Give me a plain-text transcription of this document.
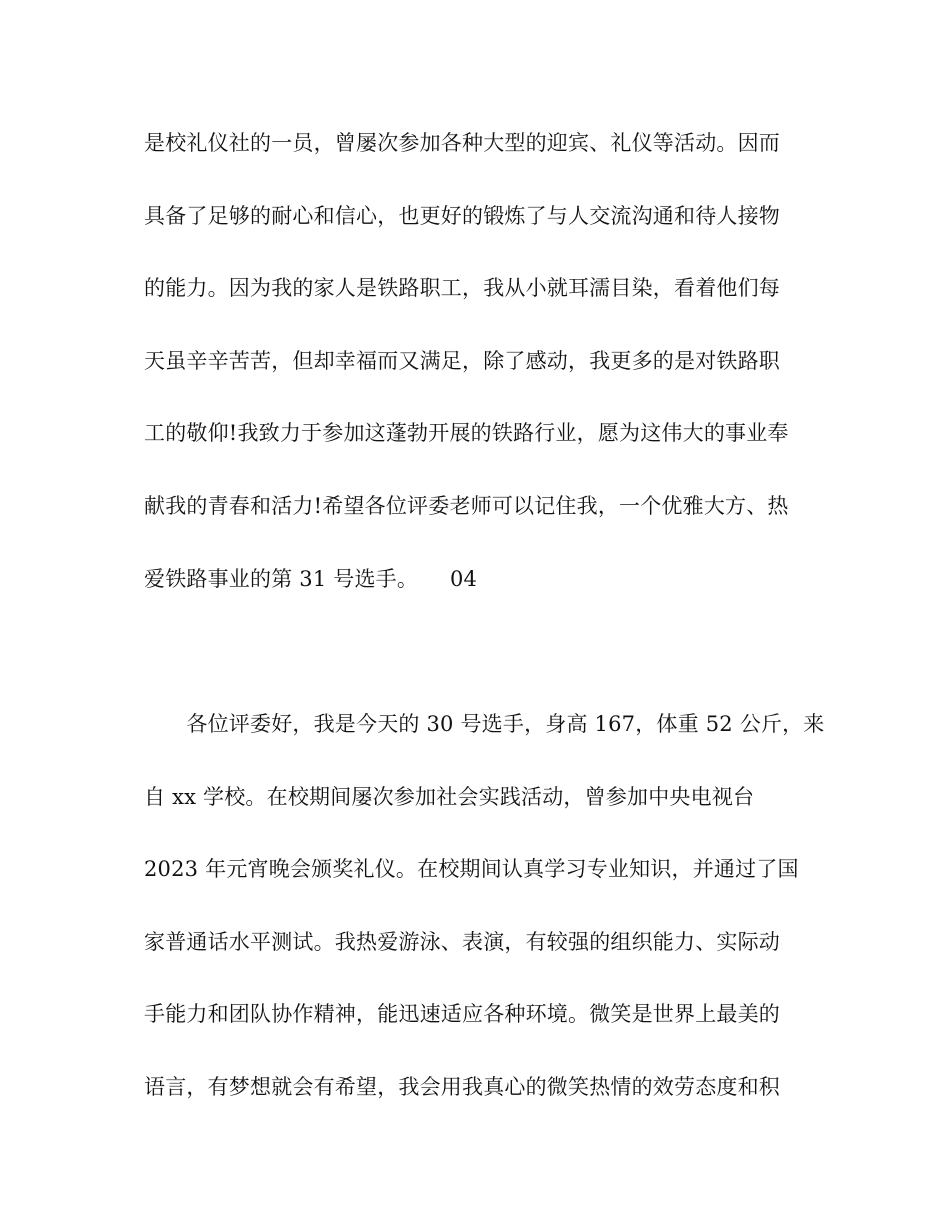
是校礼仪社的一员，曾屡次参加各种大型的迎宾、礼仪等活动。因而
具备了足够的耐心和信心，也更好的锻炼了与人交流沟通和待人接物
的能力。因为我的家人是铁路职工，我从小就耳濡目染，看着他们每
天虽辛辛苦苦，但却幸福而又满足，除了感动，我更多的是对铁路职
工的敬仰!我致力于参加这蓬勃开展的铁路行业，愿为这伟大的事业奉
献我的青春和活力!希望各位评委老师可以记住我，一个优雅大方、热
爱铁路事业的第 31 号选手。　　04
　　各位评委好，我是今天的 30 号选手，身高 167，体重 52 公斤，来
自 xx 学校。在校期间屡次参加社会实践活动，曾参加中央电视台
2023 年元宵晚会颁奖礼仪。在校期间认真学习专业知识，并通过了国
家普通话水平测试。我热爱游泳、表演，有较强的组织能力、实际动
手能力和团队协作精神，能迅速适应各种环境。微笑是世界上最美的
语言，有梦想就会有希望，我会用我真心的微笑热情的效劳态度和积
